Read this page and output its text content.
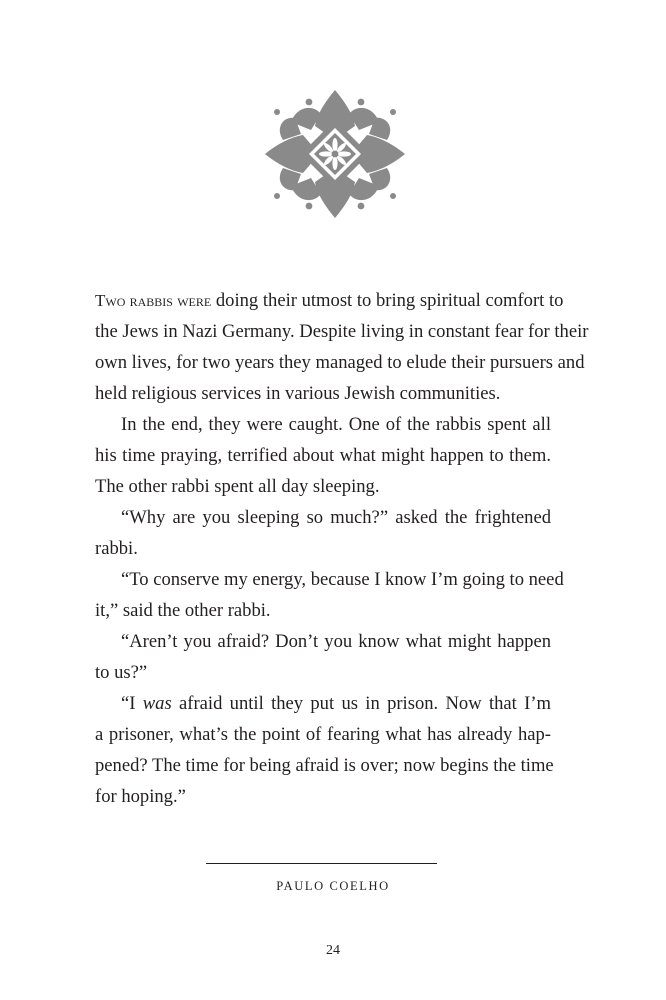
Two rabbis were doing their utmost to bring spiritual comfort to
the Jews in Nazi Germany. Despite living in constant fear for their
own lives, for two years they managed to elude their pursuers and
held religious services in various Jewish communities.
In the end, they were caught. One of the rabbis spent all
his time praying, terrified about what might happen to them.
The other rabbi spent all day sleeping.
“Why are you sleeping so much?” asked the frightened
rabbi.
“To conserve my energy, because I know I’m going to need
it,” said the other rabbi.
“Aren’t you afraid? Don’t you know what might happen
to us?”
“I was afraid until they put us in prison. Now that I’m
a prisoner, what’s the point of fearing what has already hap-
pened? The time for being afraid is over; now begins the time
for hoping.”
PAULO COELHO
24
